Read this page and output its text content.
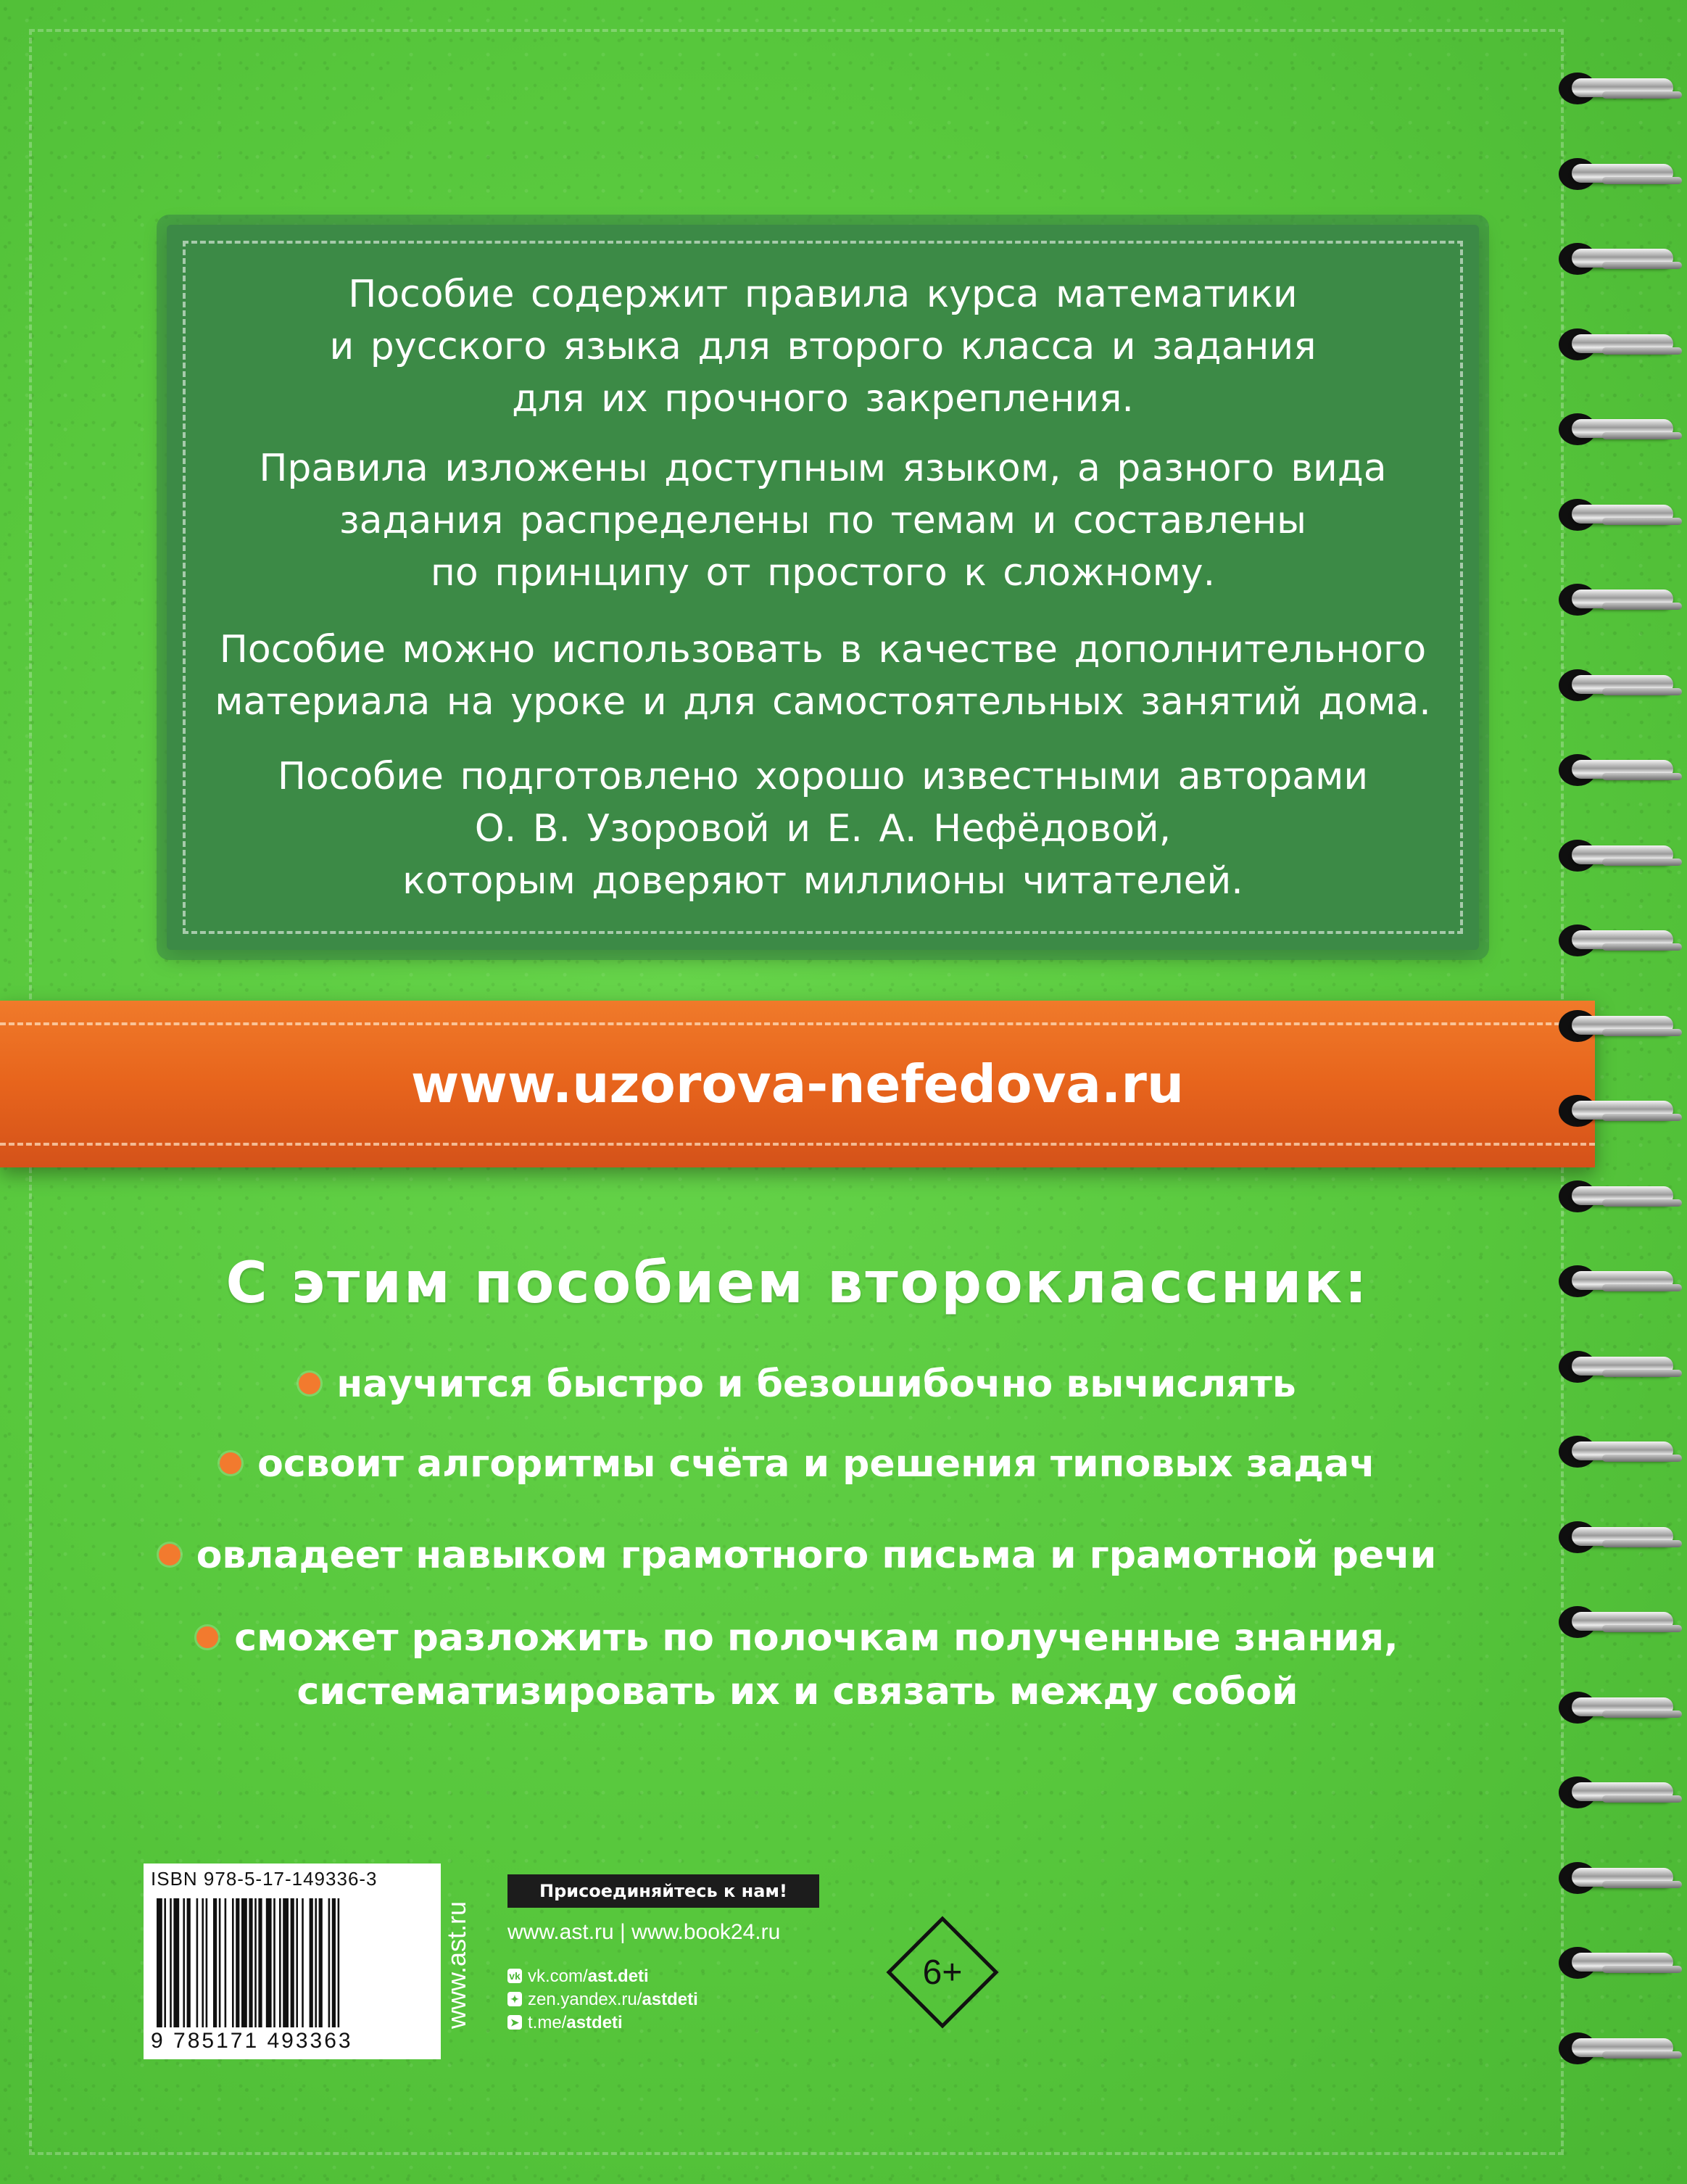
Пособие содержит правила курса математики

и русского языка для второго класса и задания

для их прочного закрепления.

Правила изложены доступным языком, а разного вида

задания распределены по темам и составлены

по принципу от простого к сложному.

Пособие можно использовать в качестве дополнительного

материала на уроке и для самостоятельных занятий дома.

Пособие подготовлено хорошо известными авторами

О. В. Узоровой и Е. А. Нефёдовой,

которым доверяют миллионы читателей.

www.uzorova-nefedova.ru
С этим пособием второклассник:
научится быстро и безошибочно вычислять
освоит алгоритмы счёта и решения типовых задач
овладеет навыком грамотного письма и грамотной речи
сможет разложить по полочкам полученные знания,
систематизировать их и связать между собой
ISBN 978-5-17-149336-3
9 785171 493363
www.ast.ru
Присоединяйтесь к нам!
www.ast.ru | www.book24.ru
vk vk.com/ast.deti
✦ zen.yandex.ru/astdeti
➤ t.me/astdeti
6+
